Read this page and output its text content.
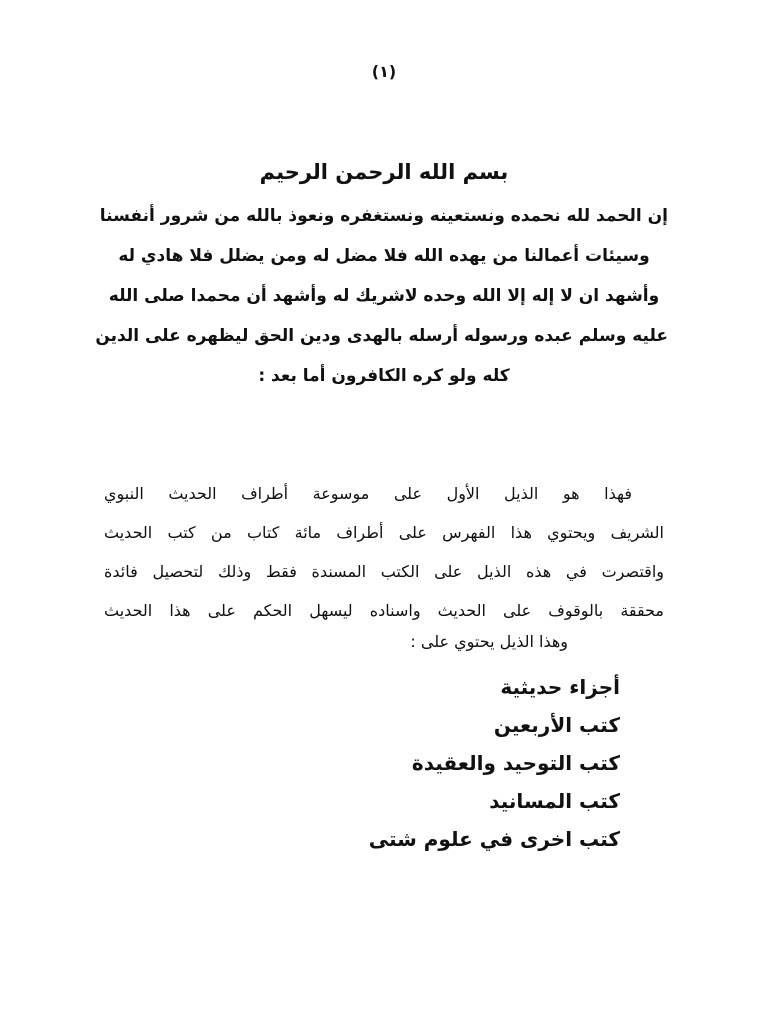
(١)
بسم الله الرحمن الرحيم
إن الحمد لله نحمده ونستعينه ونستغفره ونعوذ بالله من شرور أنفسنا
وسيئات أعمالنا من يهده الله فلا مضل له ومن يضلل فلا هادي له
وأشهد ان لا إله إلا الله وحده لاشريك له وأشهد أن محمدا صلى الله
عليه وسلم عبده ورسوله أرسله بالهدى ودين الحق ليظهره على الدين
كله ولو كره الكافرون أما بعد :
فهذا هو الذيل الأول على موسوعة أطراف الحديث النبوي
الشريف ويحتوي هذا الفهرس على أطراف مائة كتاب من كتب الحديث
واقتصرت في هذه الذيل على الكتب المسندة فقط وذلك لتحصيل فائدة
محققة بالوقوف على الحديث واسناده ليسهل الحكم على هذا الحديث
وهذا الذيل يحتوي على :
أجزاء حديثية
كتب الأربعين
كتب التوحيد والعقيدة
كتب المسانيد
كتب اخرى في علوم شتى
